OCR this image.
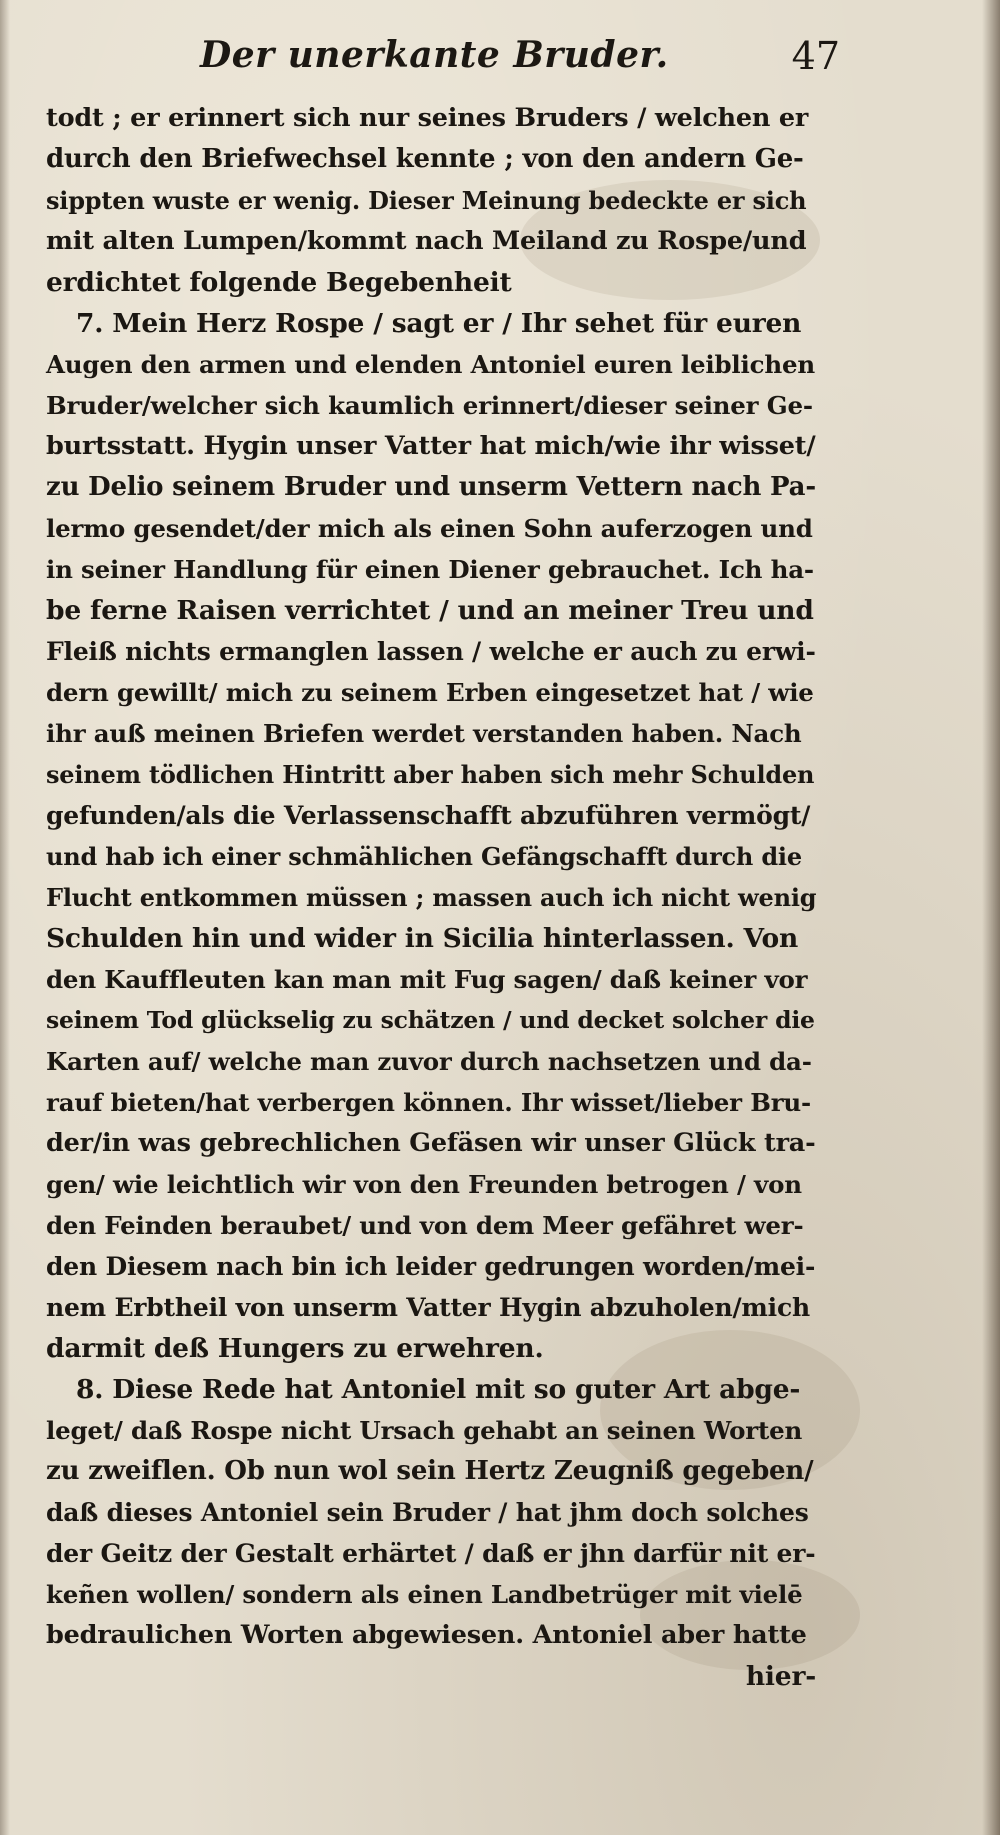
Der unerkante Bruder.	47
todt ; er erinnert sich nur seines Bruders / welchen er
durch den Briefwechsel kennte ; von den andern Ge-
sippten wuste er wenig. Dieser Meinung bedeckte er sich
mit alten Lumpen/kommt nach Meiland zu Rospe/und
erdichtet folgende Begebenheit
7. Mein Herz Rospe / sagt er / Ihr sehet für euren
Augen den armen und elenden Antoniel euren leiblichen
Bruder/welcher sich kaumlich erinnert/dieser seiner Ge-
burtsstatt. Hygin unser Vatter hat mich/wie ihr wisset/
zu Delio seinem Bruder und unserm Vettern nach Pa-
lermo gesendet/der mich als einen Sohn auferzogen und
in seiner Handlung für einen Diener gebrauchet. Ich ha-
be ferne Raisen verrichtet / und an meiner Treu und
Fleiß nichts ermanglen lassen / welche er auch zu erwi-
dern gewillt/ mich zu seinem Erben eingesetzet hat / wie
ihr auß meinen Briefen werdet verstanden haben. Nach
seinem tödlichen Hintritt aber haben sich mehr Schulden
gefunden/als die Verlassenschafft abzuführen vermögt/
und hab ich einer schmählichen Gefängschafft durch die
Flucht entkommen müssen ; massen auch ich nicht wenig
Schulden hin und wider in Sicilia hinterlassen. Von
den Kauffleuten kan man mit Fug sagen/ daß keiner vor
seinem Tod glückselig zu schätzen / und decket solcher die
Karten auf/ welche man zuvor durch nachsetzen und da-
rauf bieten/hat verbergen können. Ihr wisset/lieber Bru-
der/in was gebrechlichen Gefäsen wir unser Glück tra-
gen/ wie leichtlich wir von den Freunden betrogen / von
den Feinden beraubet/ und von dem Meer gefähret wer-
den Diesem nach bin ich leider gedrungen worden/mei-
nem Erbtheil von unserm Vatter Hygin abzuholen/mich
darmit deß Hungers zu erwehren.
8. Diese Rede hat Antoniel mit so guter Art abge-
leget/ daß Rospe nicht Ursach gehabt an seinen Worten
zu zweiflen. Ob nun wol sein Hertz Zeugniß gegeben/
daß dieses Antoniel sein Bruder / hat jhm doch solches
der Geitz der Gestalt erhärtet / daß er jhn darfür nit er-
keñen wollen/ sondern als einen Landbetrüger mit vielē
bedraulichen Worten abgewiesen. Antoniel aber hatte
hier-
